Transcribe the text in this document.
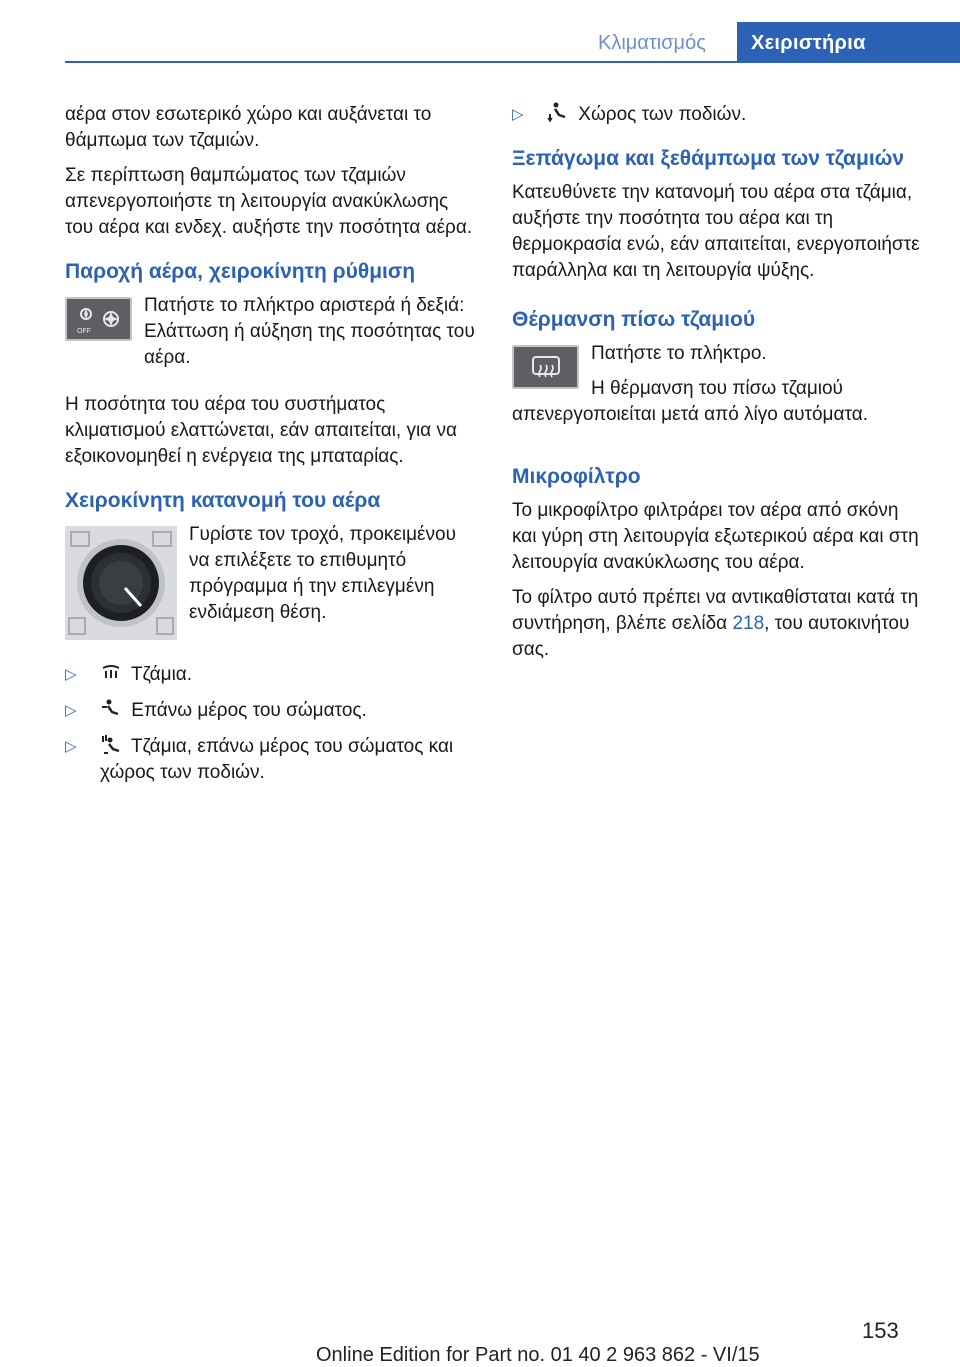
Κλιματισμός Χειριστήρια

αέρα στον εσωτερικό χώρο και αυξάνεται το θάμπωμα των τζαμιών.

Σε περίπτωση θαμπώματος των τζαμιών απενεργοποιήστε τη λειτουργία ανακύκλωσης του αέρα και ενδεχ. αυξήστε την ποσότητα αέρα.

Παροχή αέρα, χειροκίνητη ρύθμιση
OFF

Πατήστε το πλήκτρο αριστερά ή δεξιά: Ελάττωση ή αύξηση της ποσότητας του αέρα.

Η ποσότητα του αέρα του συστήματος κλιματισμού ελαττώνεται, εάν απαιτείται, για να εξοικονομηθεί η ενέργεια της μπαταρίας.

Χειροκίνητη κατανομή του αέρα

Γυρίστε τον τροχό, προκειμένου να επιλέξετε το επιθυμητό πρόγραμμα ή την επιλεγμένη ενδιάμεση θέση.

▷	Τζάμια.
▷	Επάνω μέρος του σώματος.
▷	Τζάμια, επάνω μέρος του σώματος και χώρος των ποδιών.
▷	Χώρος των ποδιών.
Ξεπάγωμα και ξεθάμπωμα των τζαμιών

Κατευθύνετε την κατανομή του αέρα στα τζάμια, αυξήστε την ποσότητα του αέρα και τη θερμοκρασία ενώ, εάν απαιτείται, ενεργοποιήστε παράλληλα και τη λειτουργία ψύξης.

Θέρμανση πίσω τζαμιού

Πατήστε το πλήκτρο.

Η θέρμανση του πίσω τζαμιού απενεργοποιείται μετά από λίγο αυτόματα.

Μικροφίλτρο

Το μικροφίλτρο φιλτράρει τον αέρα από σκόνη και γύρη στη λειτουργία εξωτερικού αέρα και στη λειτουργία ανακύκλωσης του αέρα.

Το φίλτρο αυτό πρέπει να αντικαθίσταται κατά τη συντήρηση, βλέπε σελίδα 218, του αυτοκινήτου σας.

153
Online Edition for Part no. 01 40 2 963 862 - VI/15
